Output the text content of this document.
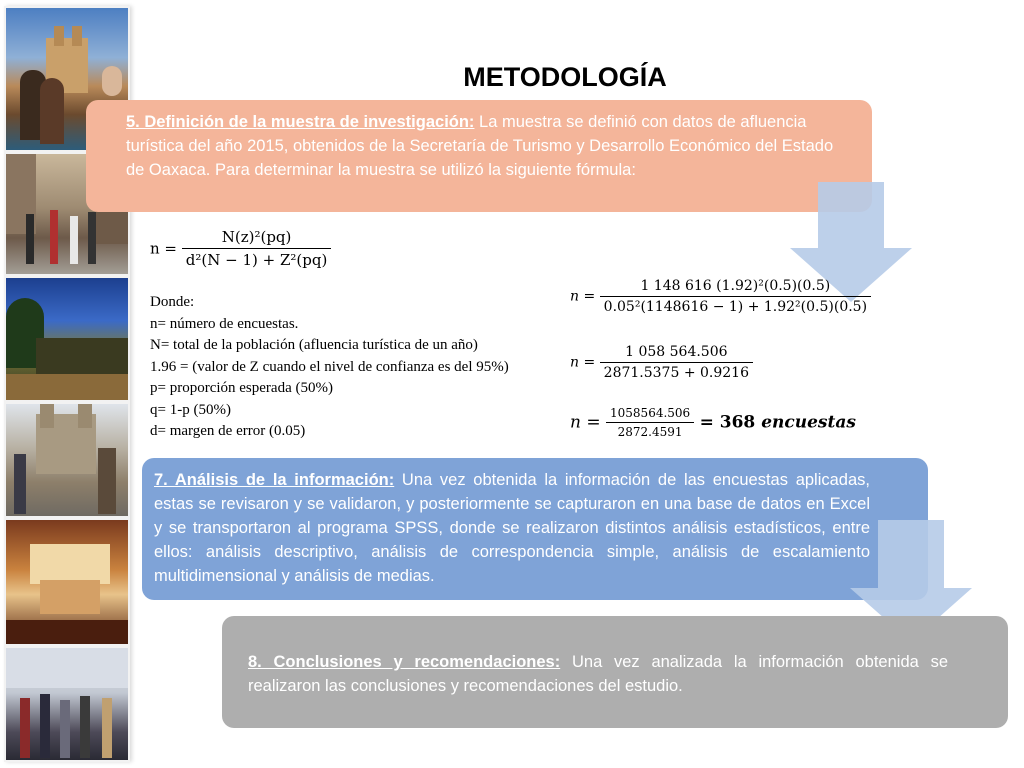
METODOLOGÍA
5. Definición de la muestra de investigación: La muestra se definió con datos de afluencia turística del año 2015, obtenidos de la Secretaría de Turismo y Desarrollo Económico del Estado de Oaxaca. Para determinar la muestra se utilizó la siguiente fórmula:
$n = \frac{\text{N(z)²(pq)}}{\text{d²(N − 1) + Z²(pq)}}$
Donde:
n= número de encuestas.
N= total de la población (afluencia turística de un año)
1.96 = (valor de Z cuando el nivel de confianza es del 95%)
p= proporción esperada (50%)
q= 1-p (50%)
d= margen de error (0.05)
$n = \frac{\text{1 148 616 (1.92)²(0.5)(0.5)}}{\text{0.05²(1148616 − 1) + 1.92²(0.5)(0.5)}}$
$n = \frac{1 058 564.506}{2871.5375 + 0.9216}$
$n = \frac{1058564.506}{2872.4591} = 368$ encuestas
7. Análisis de la información: Una vez obtenida la información de las encuestas aplicadas, estas se revisaron y se validaron, y posteriormente se capturaron en una base de datos en Excel y se transportaron al programa SPSS, donde se realizaron distintos análisis estadísticos, entre ellos: análisis descriptivo, análisis de correspondencia simple, análisis de escalamiento multidimensional y análisis de medias.
8. Conclusiones y recomendaciones: Una vez analizada la información obtenida se realizaron las conclusiones y recomendaciones del estudio.
